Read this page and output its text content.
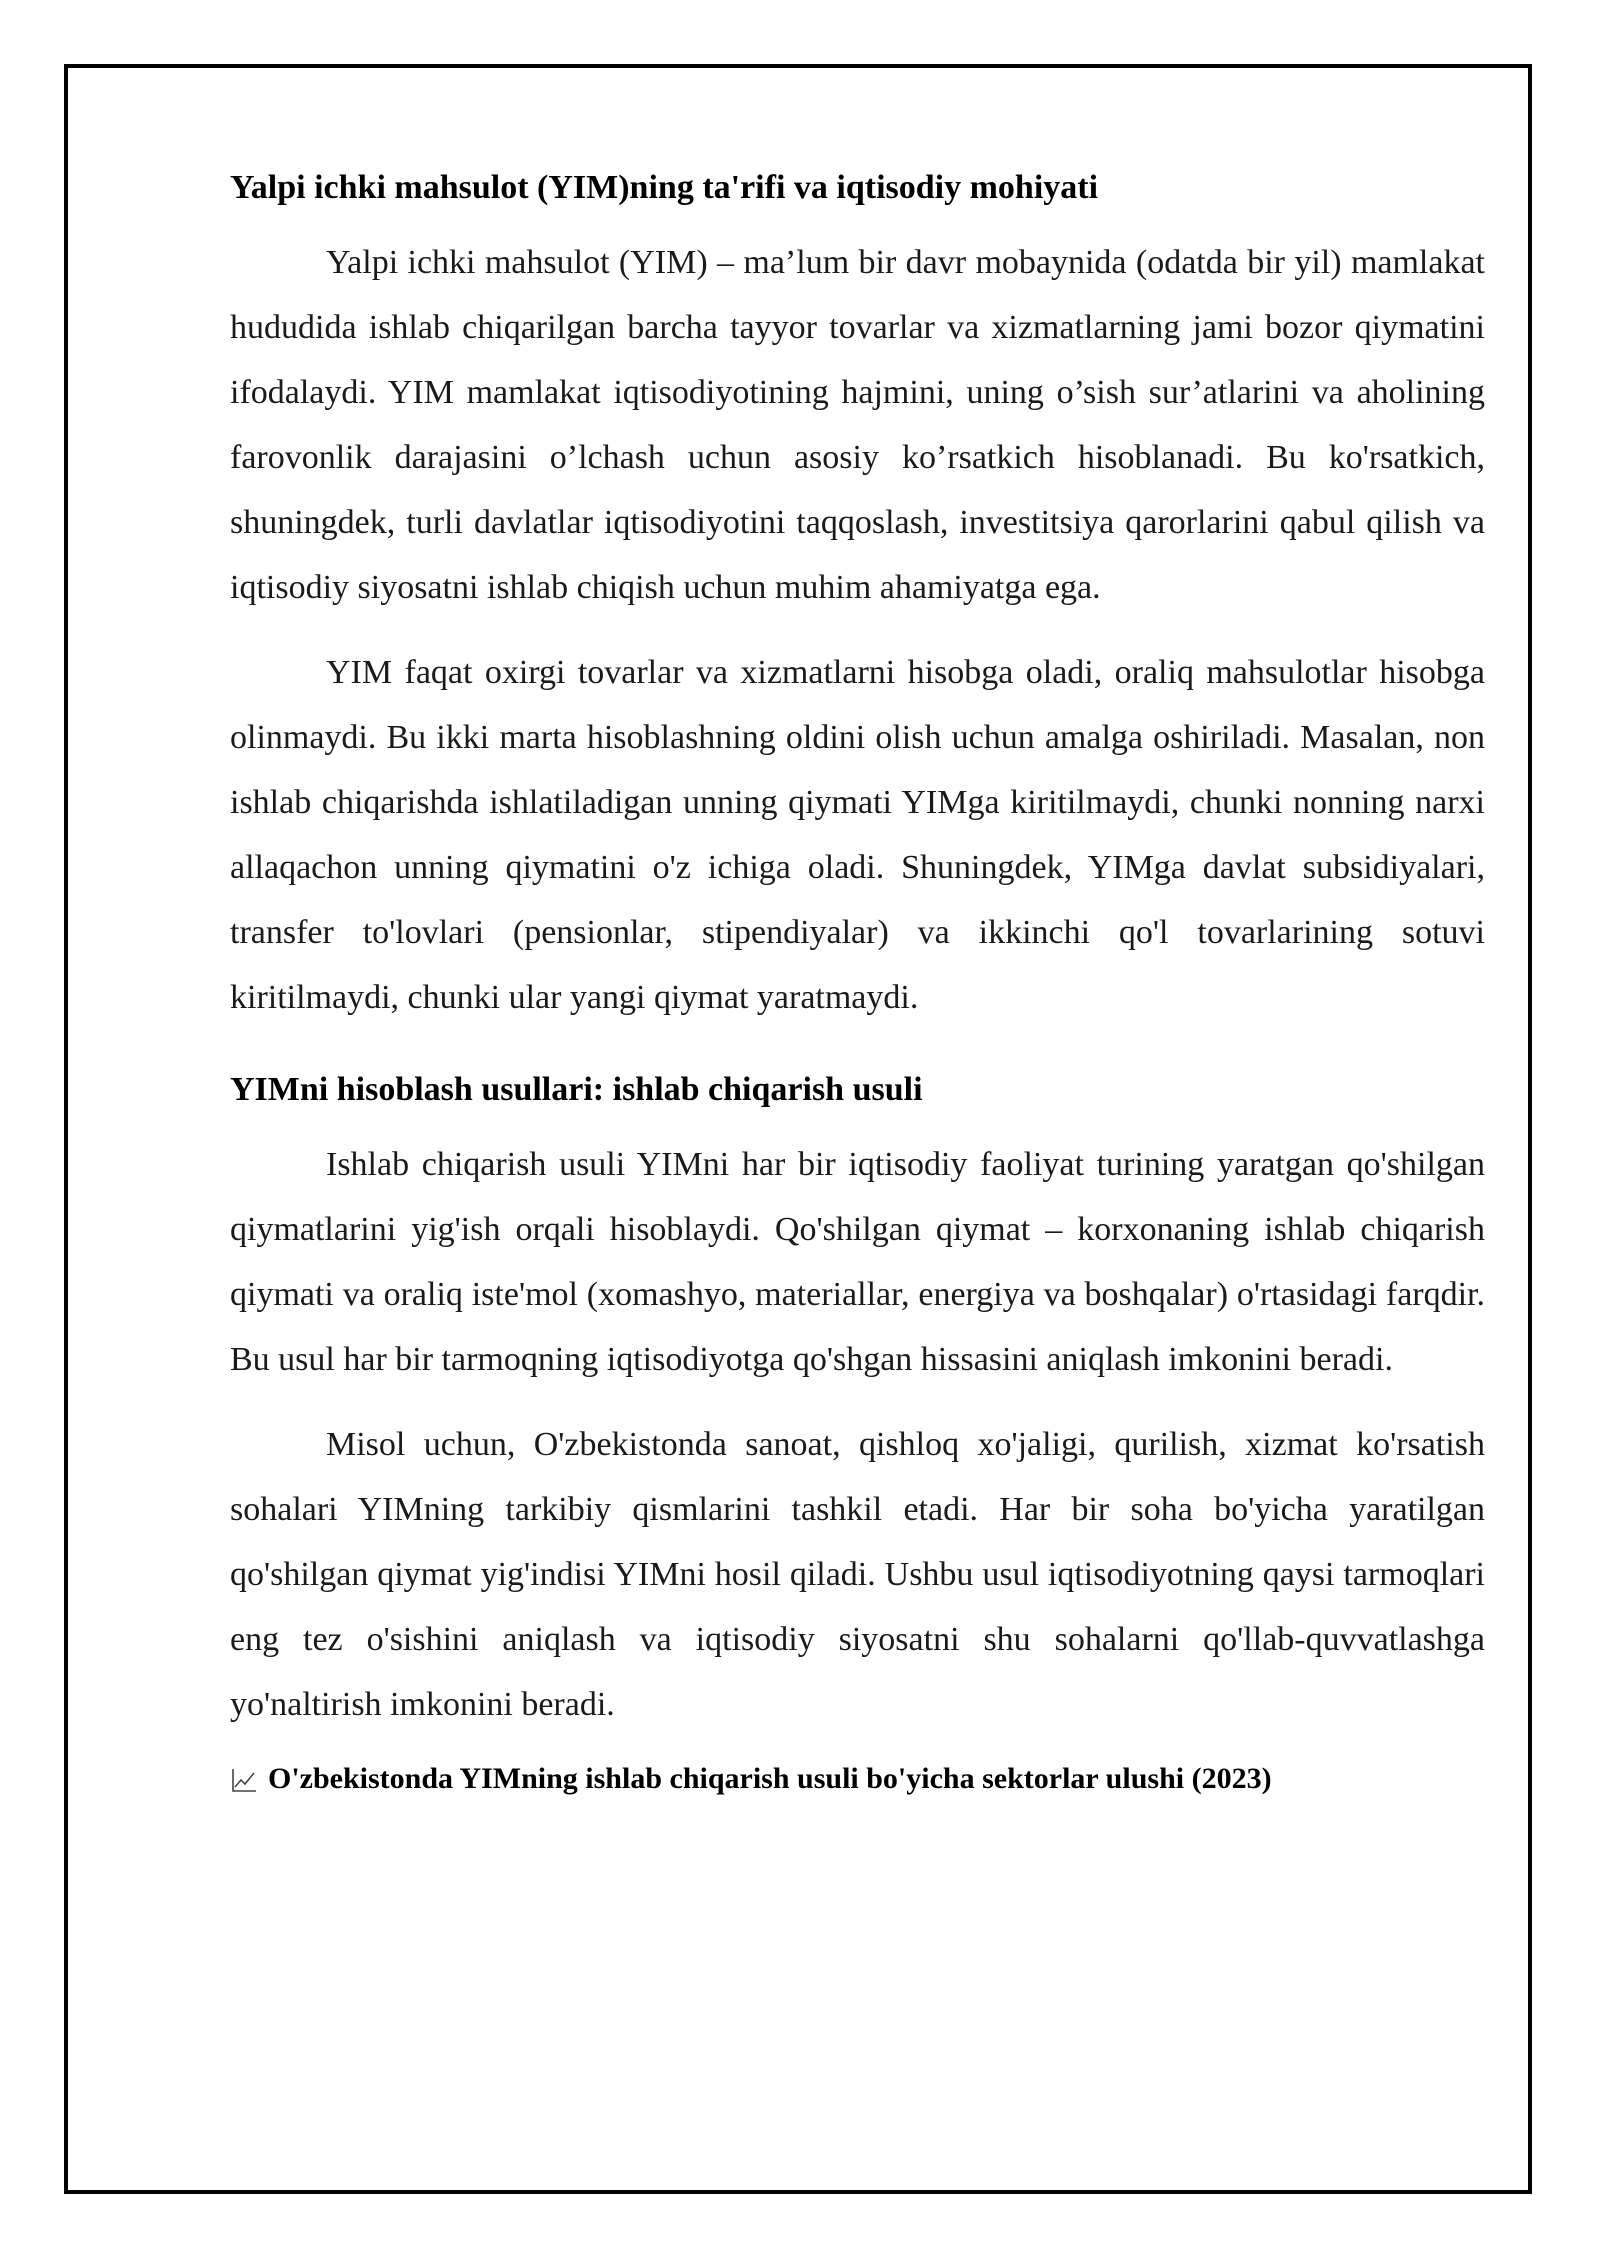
Yalpi ichki mahsulot (YIM)ning ta'rifi va iqtisodiy mohiyati

Yalpi ichki mahsulot (YIM) – ma’lum bir davr mobaynida (odatda bir yil) mamlakat hududida ishlab chiqarilgan barcha tayyor tovarlar va xizmatlarning jami bozor qiymatini ifodalaydi. YIM mamlakat iqtisodiyotining hajmini, uning o’sish sur’atlarini va aholining farovonlik darajasini o’lchash uchun asosiy ko’rsatkich hisoblanadi. Bu ko'rsatkich, shuningdek, turli davlatlar iqtisodiyotini taqqoslash, investitsiya qarorlarini qabul qilish va iqtisodiy siyosatni ishlab chiqish uchun muhim ahamiyatga ega.

YIM faqat oxirgi tovarlar va xizmatlarni hisobga oladi, oraliq mahsulotlar hisobga olinmaydi. Bu ikki marta hisoblashning oldini olish uchun amalga oshiriladi. Masalan, non ishlab chiqarishda ishlatiladigan unning qiymati YIMga kiritilmaydi, chunki nonning narxi allaqachon unning qiymatini o'z ichiga oladi. Shuningdek, YIMga davlat subsidiyalari, transfer to'lovlari (pensionlar, stipendiyalar) va ikkinchi qo'l tovarlarining sotuvi kiritilmaydi, chunki ular yangi qiymat yaratmaydi.

YIMni hisoblash usullari: ishlab chiqarish usuli

Ishlab chiqarish usuli YIMni har bir iqtisodiy faoliyat turining yaratgan qo'shilgan qiymatlarini yig'ish orqali hisoblaydi. Qo'shilgan qiymat – korxonaning ishlab chiqarish qiymati va oraliq iste'mol (xomashyo, materiallar, energiya va boshqalar) o'rtasidagi farqdir. Bu usul har bir tarmoqning iqtisodiyotga qo'shgan hissasini aniqlash imkonini beradi.

Misol uchun, O'zbekistonda sanoat, qishloq xo'jaligi, qurilish, xizmat ko'rsatish sohalari YIMning tarkibiy qismlarini tashkil etadi. Har bir soha bo'yicha yaratilgan qo'shilgan qiymat yig'indisi YIMni hosil qiladi. Ushbu usul iqtisodiyotning qaysi tarmoqlari eng tez o'sishini aniqlash va iqtisodiy siyosatni shu sohalarni qo'llab-quvvatlashga yo'naltirish imkonini beradi.

O'zbekistonda YIMning ishlab chiqarish usuli bo'yicha sektorlar ulushi (2023)
